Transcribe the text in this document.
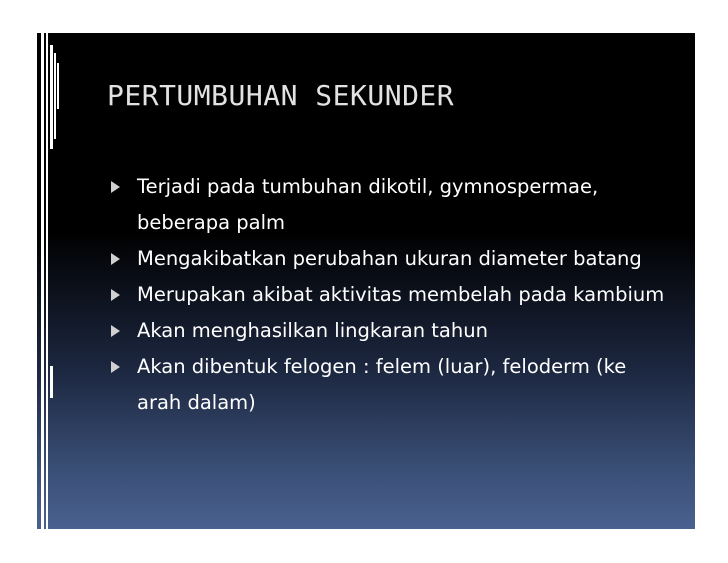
PERTUMBUHAN SEKUNDER
Terjadi pada tumbuhan dikotil, gymnospermae, beberapa palm
Mengakibatkan perubahan ukuran diameter batang
Merupakan akibat aktivitas membelah pada kambium
Akan menghasilkan lingkaran tahun
Akan dibentuk felogen : felem (luar), feloderm (ke arah dalam)
